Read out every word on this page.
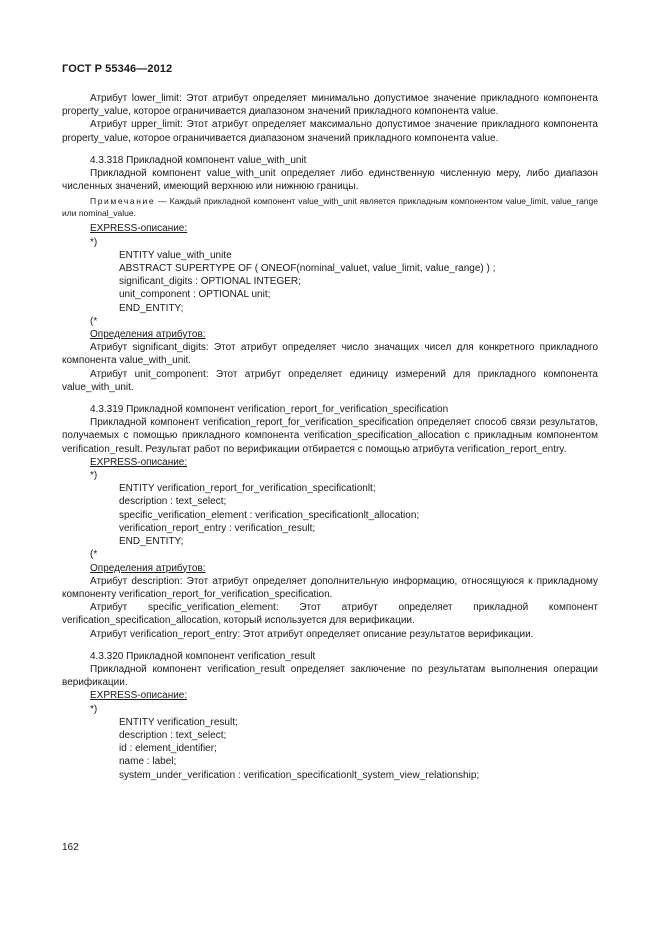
ГОСТ Р 55346—2012

Атрибут lower_limit: Этот атрибут определяет минимально допустимое значение прикладного компонента property_value, которое ограничивается диапазоном значений прикладного компонента value.

Атрибут upper_limit: Этот атрибут определяет максимально допустимое значение прикладного компонента property_value, которое ограничивается диапазоном значений прикладного компонента value.

4.3.318 Прикладной компонент value_with_unit

Прикладной компонент value_with_unit определяет либо единственную численную меру, либо диапазон численных значений, имеющий верхнюю или нижнюю границы.

Примечание — Каждый прикладной компонент value_with_unit является прикладным компонентом value_limit, value_range или nominal_value.

EXPRESS-описание:

*)

ENTITY value_with_unite

ABSTRACT SUPERTYPE OF ( ONEOF(nominal_valuet, value_limit, value_range) ) ;

significant_digits : OPTIONAL INTEGER;

unit_component : OPTIONAL unit;

END_ENTITY;

(*

Определения атрибутов:

Атрибут significant_digits: Этот атрибут определяет число значащих чисел для конкретного прикладного компонента value_with_unit.

Атрибут unit_component: Этот атрибут определяет единицу измерений для прикладного компонента value_with_unit.

4.3.319 Прикладной компонент verification_report_for_verification_specification

Прикладной компонент verification_report_for_verification_specification определяет способ связи результатов, получаемых с помощью прикладного компонента verification_specification_allocation с прикладным компонентом verification_result. Результат работ по верификации отбирается с помощью атрибута verification_report_entry.

EXPRESS-описание:

*)

ENTITY verification_report_for_verification_specificationlt;

description : text_select;

specific_verification_element : verification_specificationlt_allocation;

verification_report_entry : verification_result;

END_ENTITY;

(*

Определения атрибутов:

Атрибут description: Этот атрибут определяет дополнительную информацию, относящуюся к прикладному компоненту verification_report_for_verification_specification.

Атрибут specific_verification_element: Этот атрибут определяет прикладной компонент verification_specification_allocation, который используется для верификации.

Атрибут verification_report_entry: Этот атрибут определяет описание результатов верификации.

4.3.320 Прикладной компонент verification_result

Прикладной компонент verification_result определяет заключение по результатам выполнения операции верификации.

EXPRESS-описание:

*)

ENTITY verification_result;

description : text_select;

id : element_identifier;

name : label;

system_under_verification : verification_specificationlt_system_view_relationship;

162
